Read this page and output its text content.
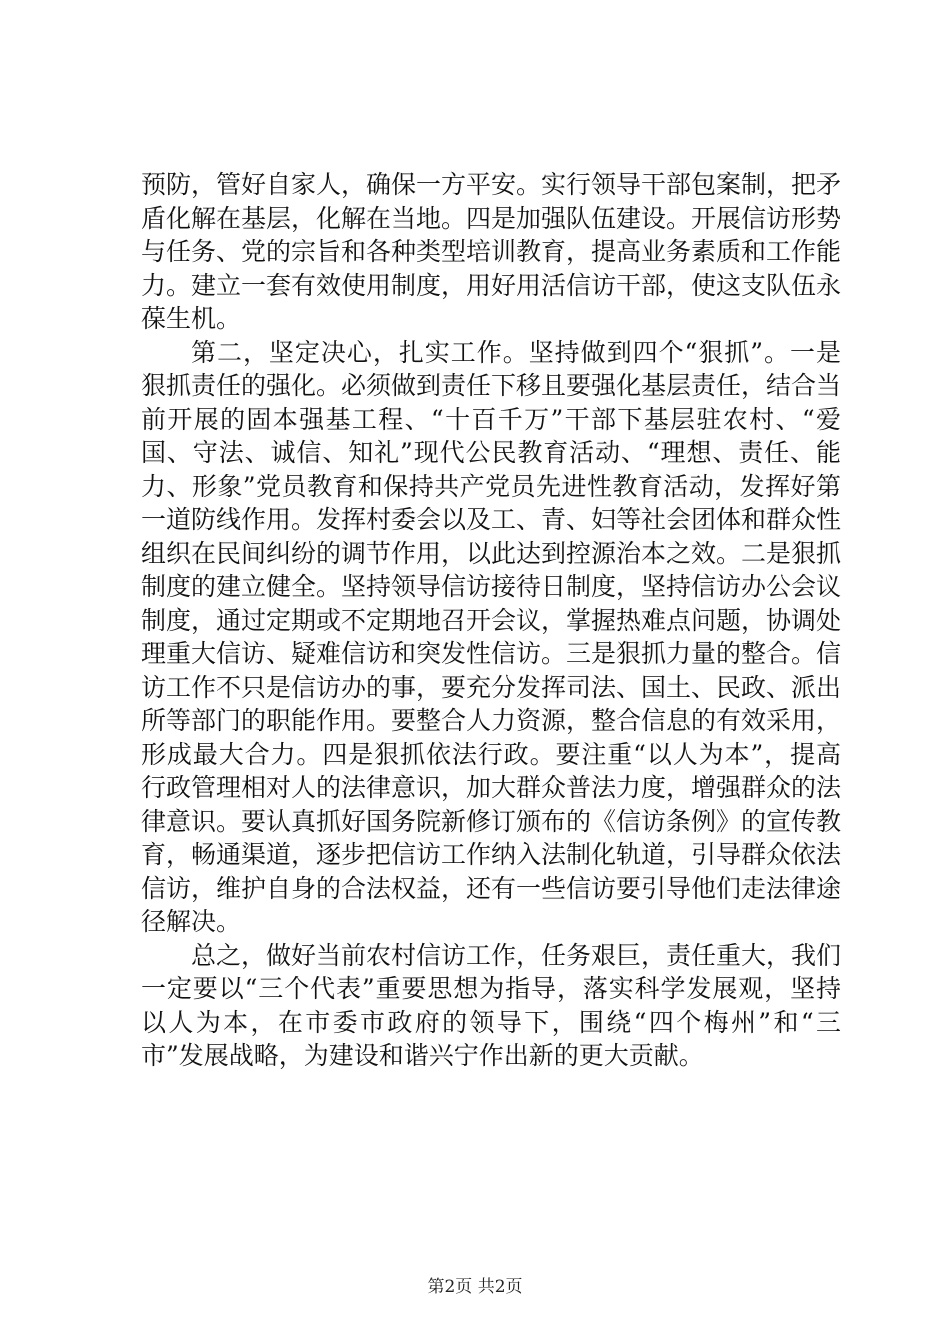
预防，管好自家人，确保一方平安。实行领导干部包案制，把矛盾化解在基层，化解在当地。四是加强队伍建设。开展信访形势与任务、党的宗旨和各种类型培训教育，提高业务素质和工作能力。建立一套有效使用制度，用好用活信访干部，使这支队伍永葆生机。

第二，坚定决心，扎实工作。坚持做到四个“狠抓”。一是狠抓责任的强化。必须做到责任下移且要强化基层责任，结合当前开展的固本强基工程、“十百千万”干部下基层驻农村、“爱国、守法、诚信、知礼”现代公民教育活动、“理想、责任、能力、形象”党员教育和保持共产党员先进性教育活动，发挥好第一道防线作用。发挥村委会以及工、青、妇等社会团体和群众性组织在民间纠纷的调节作用，以此达到控源治本之效。二是狠抓制度的建立健全。坚持领导信访接待日制度，坚持信访办公会议制度，通过定期或不定期地召开会议，掌握热难点问题，协调处理重大信访、疑难信访和突发性信访。三是狠抓力量的整合。信访工作不只是信访办的事，要充分发挥司法、国土、民政、派出所等部门的职能作用。要整合人力资源，整合信息的有效采用，形成最大合力。四是狠抓依法行政。要注重“以人为本”，提高行政管理相对人的法律意识，加大群众普法力度，增强群众的法律意识。要认真抓好国务院新修订颁布的《信访条例》的宣传教育，畅通渠道，逐步把信访工作纳入法制化轨道，引导群众依法信访，维护自身的合法权益，还有一些信访要引导他们走法律途径解决。

总之，做好当前农村信访工作，任务艰巨，责任重大，我们一定要以“三个代表”重要思想为指导，落实科学发展观，坚持以人为本，在市委市政府的领导下，围绕“四个梅州”和“三市”发展战略，为建设和谐兴宁作出新的更大贡献。

第2页 共2页
